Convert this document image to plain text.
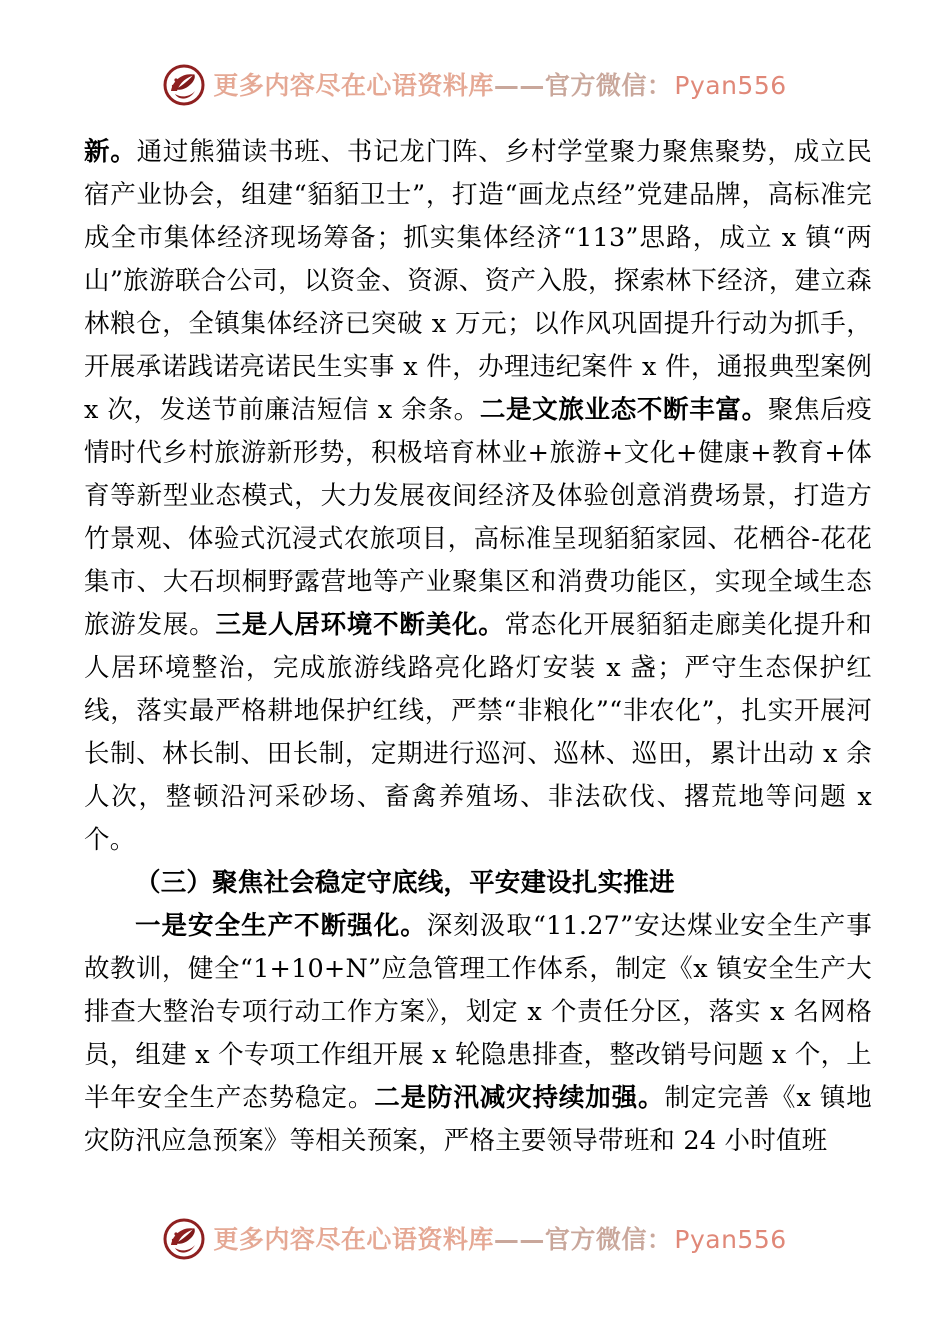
更多内容尽在心语资料库 —— 官方微信： Pyan556

新。通过熊猫读书班、书记龙门阵、乡村学堂聚力聚焦聚势，成立民宿产业协会，组建“貊貊卫士”，打造“画龙点经”党建品牌，高标准完成全市集体经济现场筹备；抓实集体经济“113”思路，成立 x 镇“两山”旅游联合公司，以资金、资源、资产入股，探索林下经济，建立森林粮仓，全镇集体经济已突破 x 万元；以作风巩固提升行动为抓手，开展承诺践诺亮诺民生实事 x 件，办理违纪案件 x 件，通报典型案例 x 次，发送节前廉洁短信 x 余条。二是文旅业态不断丰富。聚焦后疫情时代乡村旅游新形势，积极培育林业+旅游+文化+健康+教育+体育等新型业态模式，大力发展夜间经济及体验创意消费场景，打造方竹景观、体验式沉浸式农旅项目，高标准呈现貊貊家园、花栖谷-花花集市、大石坝桐野露营地等产业聚集区和消费功能区，实现全域生态旅游发展。三是人居环境不断美化。常态化开展貊貊走廊美化提升和人居环境整治，完成旅游线路亮化路灯安装 x 盏；严守生态保护红线，落实最严格耕地保护红线，严禁“非粮化”“非农化”，扎实开展河长制、林长制、田长制，定期进行巡河、巡林、巡田，累计出动 x 余人次，整顿沿河采砂场、畜禽养殖场、非法砍伐、撂荒地等问题 x 个。

（三）聚焦社会稳定守底线，平安建设扎实推进

一是安全生产不断强化。深刻汲取“11.27”安达煤业安全生产事故教训，健全“1+10+N”应急管理工作体系，制定《x 镇安全生产大排查大整治专项行动工作方案》，划定 x 个责任分区，落实 x 名网格员，组建 x 个专项工作组开展 x 轮隐患排查，整改销号问题 x 个，上半年安全生产态势稳定。二是防汛减灾持续加强。制定完善《x 镇地灾防汛应急预案》等相关预案，严格主要领导带班和 24 小时值班

更多内容尽在心语资料库 —— 官方微信： Pyan556
